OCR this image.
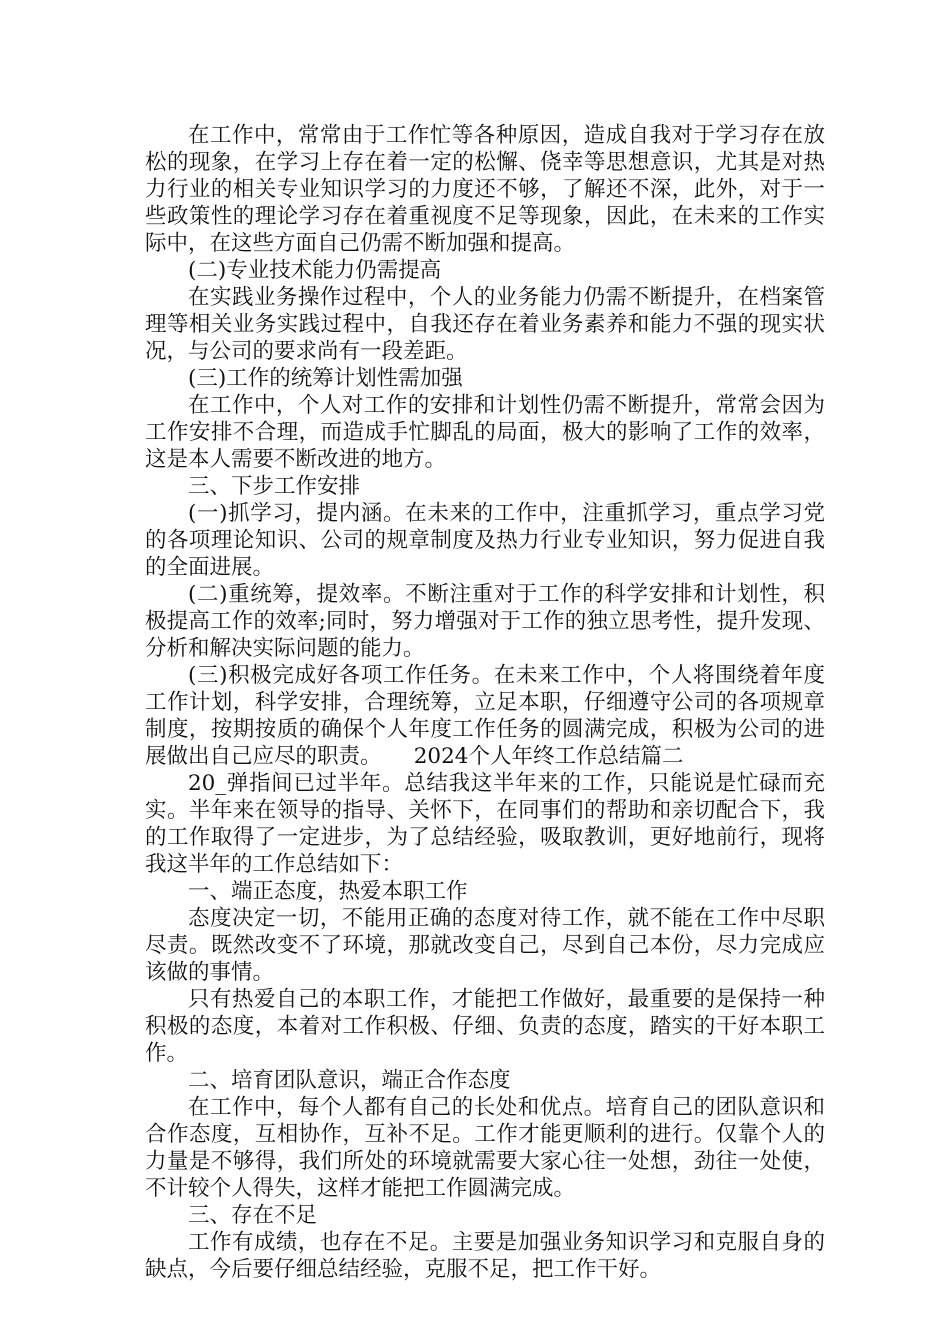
在工作中，常常由于工作忙等各种原因，造成自我对于学习存在放松的现象，在学习上存在着一定的松懈、侥幸等思想意识，尤其是对热力行业的相关专业知识学习的力度还不够，了解还不深，此外，对于一些政策性的理论学习存在着重视度不足等现象，因此，在未来的工作实际中，在这些方面自己仍需不断加强和提高。

(二)专业技术能力仍需提高

在实践业务操作过程中，个人的业务能力仍需不断提升，在档案管理等相关业务实践过程中，自我还存在着业务素养和能力不强的现实状况，与公司的要求尚有一段差距。

(三)工作的统筹计划性需加强

在工作中，个人对工作的安排和计划性仍需不断提升，常常会因为工作安排不合理，而造成手忙脚乱的局面，极大的影响了工作的效率，这是本人需要不断改进的地方。

三、下步工作安排

(一)抓学习，提内涵。在未来的工作中，注重抓学习，重点学习党的各项理论知识、公司的规章制度及热力行业专业知识，努力促进自我的全面进展。

(二)重统筹，提效率。不断注重对于工作的科学安排和计划性，积极提高工作的效率;同时，努力增强对于工作的独立思考性，提升发现、分析和解决实际问题的能力。

(三)积极完成好各项工作任务。在未来工作中，个人将围绕着年度工作计划，科学安排，合理统筹，立足本职，仔细遵守公司的各项规章制度，按期按质的确保个人年度工作任务的圆满完成，积极为公司的进展做出自己应尽的职责。　　2024个人年终工作总结篇二

20_弹指间已过半年。总结我这半年来的工作，只能说是忙碌而充实。半年来在领导的指导、关怀下，在同事们的帮助和亲切配合下，我的工作取得了一定进步，为了总结经验，吸取教训，更好地前行，现将我这半年的工作总结如下：

一、端正态度，热爱本职工作

态度决定一切，不能用正确的态度对待工作，就不能在工作中尽职尽责。既然改变不了环境，那就改变自己，尽到自己本份，尽力完成应该做的事情。

只有热爱自己的本职工作，才能把工作做好，最重要的是保持一种积极的态度，本着对工作积极、仔细、负责的态度，踏实的干好本职工作。

二、培育团队意识，端正合作态度

在工作中，每个人都有自己的长处和优点。培育自己的团队意识和合作态度，互相协作，互补不足。工作才能更顺利的进行。仅靠个人的力量是不够得，我们所处的环境就需要大家心往一处想，劲往一处使，不计较个人得失，这样才能把工作圆满完成。

三、存在不足

工作有成绩，也存在不足。主要是加强业务知识学习和克服自身的缺点，今后要仔细总结经验，克服不足，把工作干好。
